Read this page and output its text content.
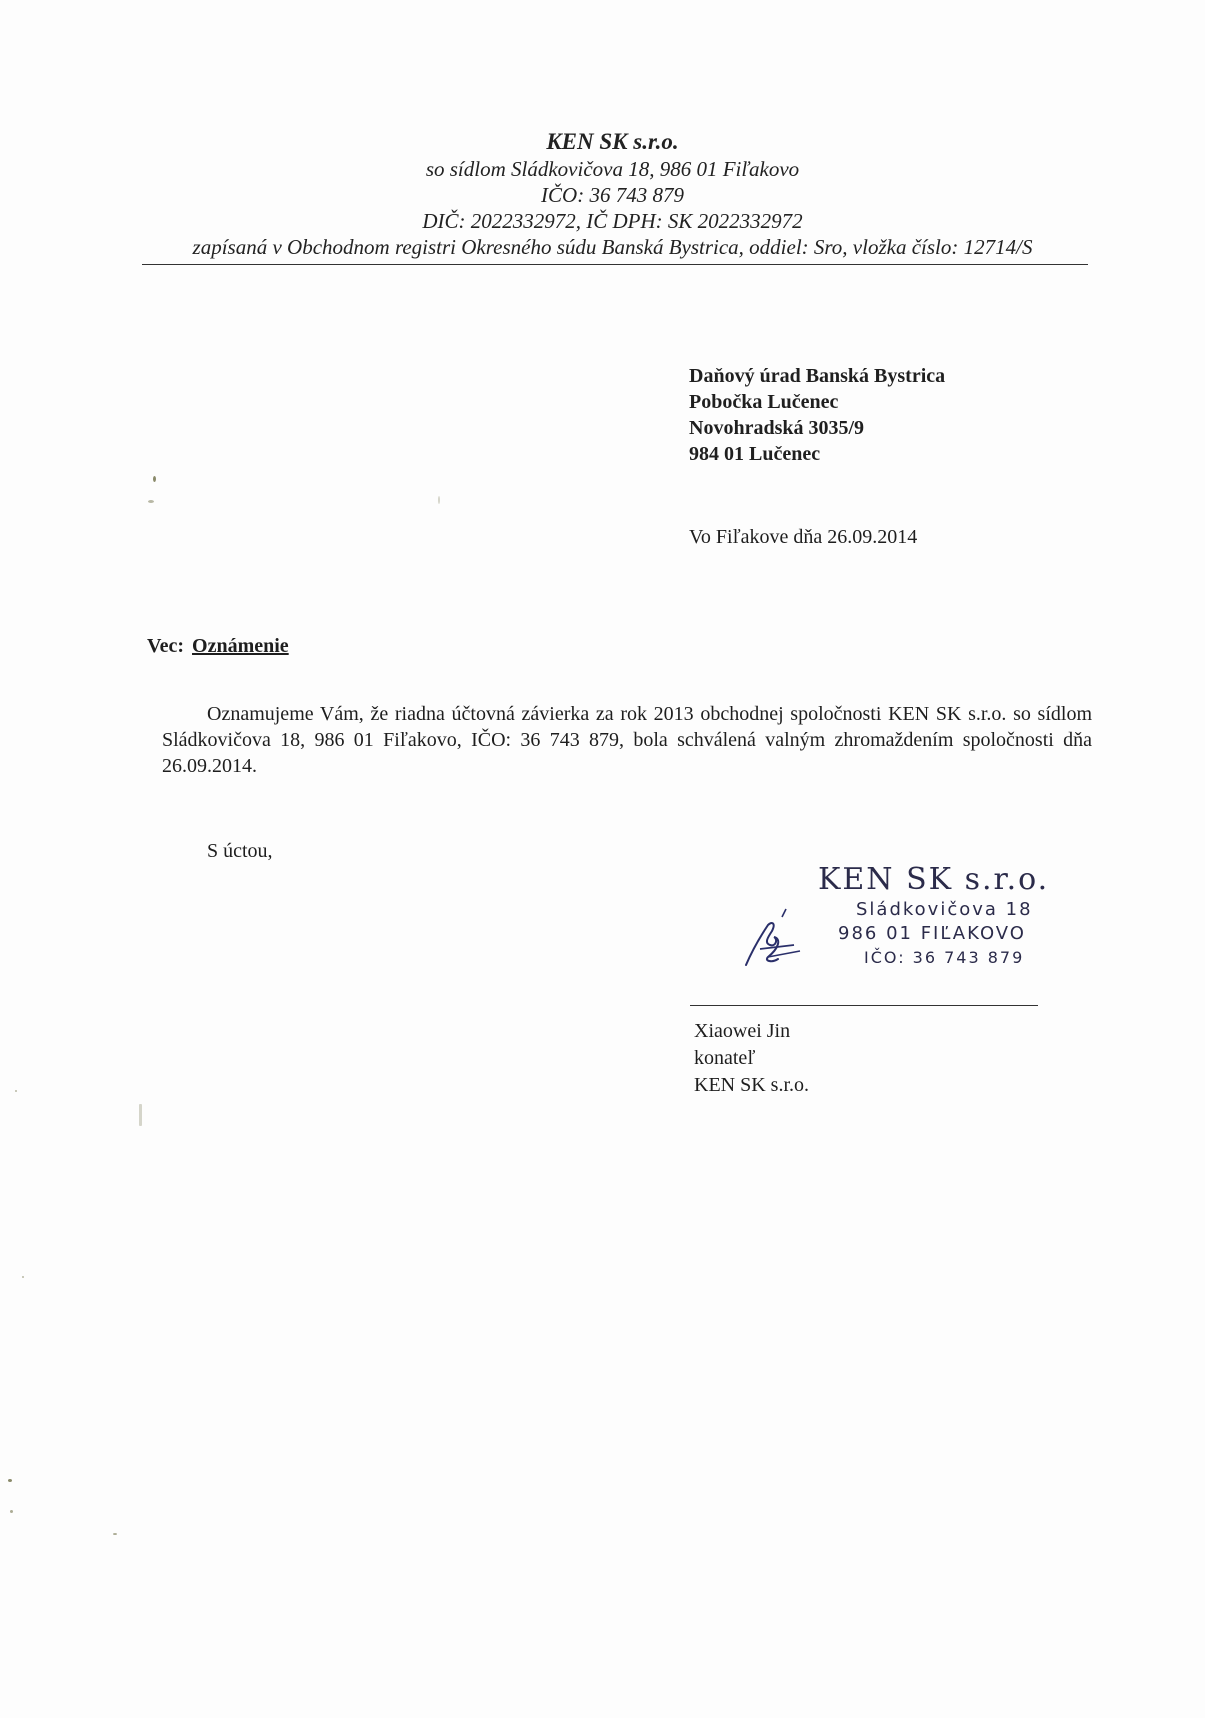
KEN SK s.r.o.
so sídlom Sládkovičova 18, 986 01 Fiľakovo
IČO: 36 743 879
DIČ: 2022332972, IČ DPH: SK 2022332972
zapísaná v Obchodnom registri Okresného súdu Banská Bystrica, oddiel: Sro, vložka číslo: 12714/S
Daňový úrad Banská Bystrica
Pobočka Lučenec
Novohradská 3035/9
984 01 Lučenec
Vo Fiľakove dňa 26.09.2014
Vec: Oznámenie
Oznamujeme Vám, že riadna účtovná závierka za rok 2013 obchodnej spoločnosti KEN SK s.r.o. so sídlom Sládkovičova 18, 986 01 Fiľakovo, IČO: 36 743 879, bola schválená valným zhromaždením spoločnosti dňa 26.09.2014.
S úctou,
KEN SK s.r.o.
Sládkovičova 18
986 01 FIĽAKOVO
IČO: 36 743 879
Xiaowei Jin
konateľ
KEN SK s.r.o.
